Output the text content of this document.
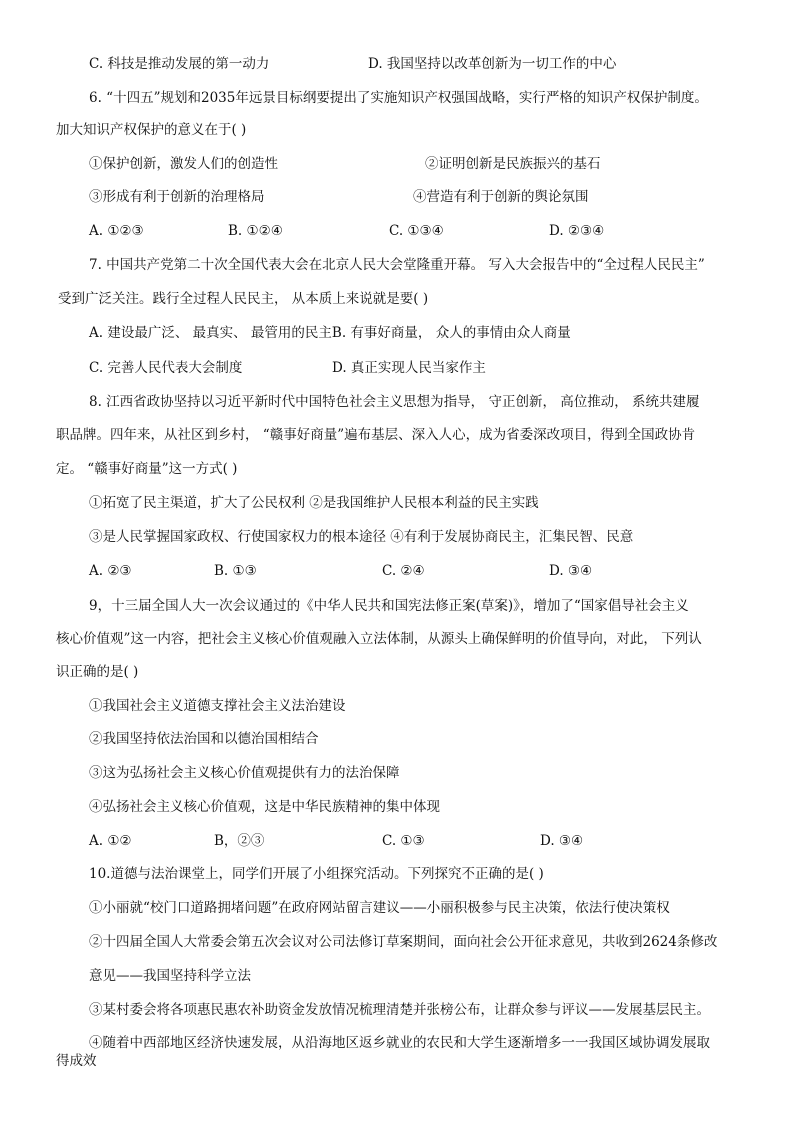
C. 科技是推动发展的第一动力	D. 我国坚持以改革创新为一切工作的中心
6. “十四五”规划和2035年远景目标纲要提出了实施知识产权强国战略，实行严格的知识产权保护制度。
加大知识产权保护的意义在于( )
①保护创新，激发人们的创造性	②证明创新是民族振兴的基石
③形成有利于创新的治理格局	④营造有利于创新的舆论氛围
A. ①②③	B. ①②④	C. ①③④	D. ②③④
7. 中国共产党第二十次全国代表大会在北京人民大会堂隆重开幕。 写入大会报告中的“全过程人民民主”
受到广泛关注。践行全过程人民民主， 从本质上来说就是要( )
A. 建设最广泛、 最真实、 最管用的民主B. 有事好商量， 众人的事情由众人商量
C. 完善人民代表大会制度	D. 真正实现人民当家作主
8. 江西省政协坚持以习近平新时代中国特色社会主义思想为指导， 守正创新， 高位推动， 系统共建履
职品牌。四年来，从社区到乡村， “赣事好商量”遍布基层、深入人心，成为省委深改项目，得到全国政协肯
定。 “赣事好商量”这一方式( )
①拓宽了民主渠道，扩大了公民权利 ②是我国维护人民根本利益的民主实践
③是人民掌握国家政权、行使国家权力的根本途径 ④有利于发展协商民主，汇集民智、民意
A. ②③	B. ①③	C. ②④	D. ③④
9，十三届全国人大一次会议通过的《中华人民共和国宪法修正案(草案)》，增加了“国家倡导社会主义
核心价值观”这一内容，把社会主义核心价值观融入立法体制，从源头上确保鲜明的价值导向，对此， 下列认
识正确的是( )
①我国社会主义道德支撑社会主义法治建设
②我国坚持依法治国和以德治国相结合
③这为弘扬社会主义核心价值观提供有力的法治保障
④弘扬社会主义核心价值观，这是中华民族精神的集中体现
A. ①②	B，②③	C. ①③	D. ③④
10.道德与法治课堂上，同学们开展了小组探究活动。下列探究不正确的是( )
①小丽就“校门口道路拥堵问题”在政府网站留言建议——小丽积极参与民主决策，依法行使决策权
②十四届全国人大常委会第五次会议对公司法修订草案期间，面向社会公开征求意见，共收到2624条修改
意见——我国坚持科学立法
③某村委会将各项惠民惠农补助资金发放情况梳理清楚并张榜公布，让群众参与评议——发展基层民主。
④随着中西部地区经济快速发展，从沿海地区返乡就业的农民和大学生逐渐增多一一我国区域协调发展取
得成效
